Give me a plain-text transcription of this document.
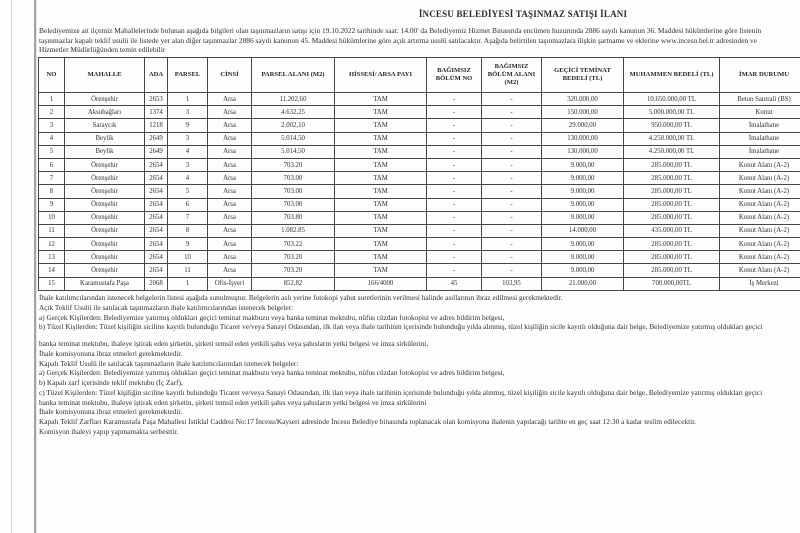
İNCESU BELEDİYESİ TAŞINMAZ SATIŞI İLANI
Belediyemize ait ilçemiz Mahallelerinde bulunan aşağıda bilgileri olan taşınmazların satışı için 19.10.2022 tarihinde saat: 14.00' da Belediyemiz Hizmet Binasında encümen huzurunda 2886 sayılı kanunun 36. Maddesi hükümlerine göre listenin
taşınmazlar kapalı teklif usulü ile listede yer alan diğer taşınmazlar 2886 sayılı kanunun 45. Maddesi hükümlerine göre açık artırma usulü satılacaktır. Aşağıda belirtilen taşınmazlara ilişkin şartname ve eklerine www.incesu.bel.tr adresinden ve
Hizmetler Müdürlüğünden temin edilebilir
NO	MAHALLE	ADA	PARSEL	CİNSİ	PARSEL ALANI (M2)	HİSSESİ/ ARSA PAYI	BAĞIMSIZ BÖLÜM NO	BAĞIMSIZ BÖLÜM ALANI (M2)	GEÇİCİ TEMİNAT BEDELİ (TL)	MUHAMMEN BEDELİ (TL)	İMAR DURUMU
1	Örenşehir	2653	1	Arsa	11.202,60	TAM	-	-	320.000,00	10.650.000,00 TL	Beton Santrali (BS)
2	Aksubağları	1374	3	Arsa	4.632,25	TAM	-	-	150.000,00	5.000.000,00 TL	Konut
3	Saraycık	1218	9	Arsa	2.002,10	TAM	-	-	29.000,00	950.000,00 TL	İmalathane
4	Beylik	2649	3	Arsa	5.014,50	TAM	-	-	130.000,00	4.250.000,00 TL	İmalathane
5	Beylik	2649	4	Arsa	5.014,50	TAM	-	-	130.000,00	4.250.000,00 TL	İmalathane
6	Örenşehir	2654	3	Arsa	703.20	TAM	-	-	9.000,00	285.000,00 TL	Konut Alanı (A-2)
7	Örenşehir	2654	4	Arsa	703.00	TAM	-	-	9.000,00	285.000,00 TL	Konut Alanı (A-2)
8	Örenşehir	2654	5	Arsa	703.00	TAM	-	-	9.000,00	285.000,00 TL	Konut Alanı (A-2)
9	Örenşehir	2654	6	Arsa	703.00	TAM	-	-	9.000,00	285.000,00 TL	Konut Alanı (A-2)
10	Örenşehir	2654	7	Arsa	703.80	TAM	-	-	9.000,00	285.000,00 TL	Konut Alanı (A-2)
11	Örenşehir	2654	8	Arsa	1.082.85	TAM	-	-	14.000,00	435.000,00 TL	Konut Alanı (A-2)
12	Örenşehir	2654	9	Arsa	703.22	TAM	-	-	9.000,00	285.000,00 TL	Konut Alanı (A-2)
13	Örenşehir	2654	10	Arsa	703.20	TAM	-	-	9.000,00	285.000,00 TL	Konut Alanı (A-2)
14	Örenşehir	2654	11	Arsa	703.20	TAM	-	-	9.000,00	285.000,00 TL	Konut Alanı (A-2)
15	Karamustafa Paşa	2068	1	Ofis-İşyeri	852,82	166/4000	45	103,95	21.000,00	700.000,00TL	İş Merkezi
İhale katılımcılarından istenecek belgelerin listesi aşağıda sunulmuştur. Belgelerin aslı yerine fotokopi yahut suretlerinin verilmesi halinde asıllarının ibraz edilmesi gerekmektedir.
Açık Teklif Usulü ile satılacak taşınmazların ihale katılımcılarından istenecek belgeler:
a) Gerçek Kişilerden: Belediyemize yatırmış oldukları geçici teminat makbuzu veya banka teminat mektubu, nüfus cüzdan fotokopisi ve adres bildirim belgesi,
b) Tüzel Kişilerden: Tüzel kişiliğin siciline kayıtlı bulunduğu Ticaret ve/veya Sanayi Odasından, ilk ilan veya ihale tarihinin içerisinde bulunduğu yılda alınmış, tüzel kişiliğin sicile kayıtlı olduğuna dair belge, Belediyemize yatırmış oldukları geçici
banka teminat mektubu, ihaleye iştirak eden şirketin, şirketi temsil eden yetkili şahıs veya şahısların yetki belgesi ve imza sirkülerini,
İhale komisyonuna ibraz etmeleri gerekmektedir.
Kapalı Teklif Usulü ile satılacak taşınmazların ihale katılımcılarından istenecek belgeler:
a) Gerçek Kişilerden: Belediyemize yatırmış oldukları geçici teminat makbuzu veya banka teminat mektubu, nüfus cüzdan fotokopisi ve adres bildirim belgesi,
b) Kapalı zarf içerisinde teklif mektubu (İç Zarf),
c) Tüzel Kişilerden: Tüzel kişiliğin siciline kayıtlı bulunduğu Ticaret ve/veya Sanayi Odasından, ilk ilan veya ihale tarihinin içerisinde bulunduğu yılda alınmış, tüzel kişiliğin sicile kayıtlı olduğuna dair belge, Belediyemize yatırmış oldukları geçici
banka teminat mektubu, ihaleye iştirak eden şirketin, şirketi temsil eden yetkili şahıs veya şahısların yetki belgesi ve imza sirkülerini
İhale komisyonuna ibraz etmeleri gerekmektedir.
Kapalı Teklif Zarfları Karamustafa Paşa Mahallesi İstiklal Caddesi No:17 İncesu/Kayseri adresinde İncesu Belediye binasında toplanacak olan komisyona ihalenin yapılacağı tarihte en geç saat 12:30 a kadar teslim edilecektir.
Komisyon ihaleyi yapıp yapmamakta serbesttir.
